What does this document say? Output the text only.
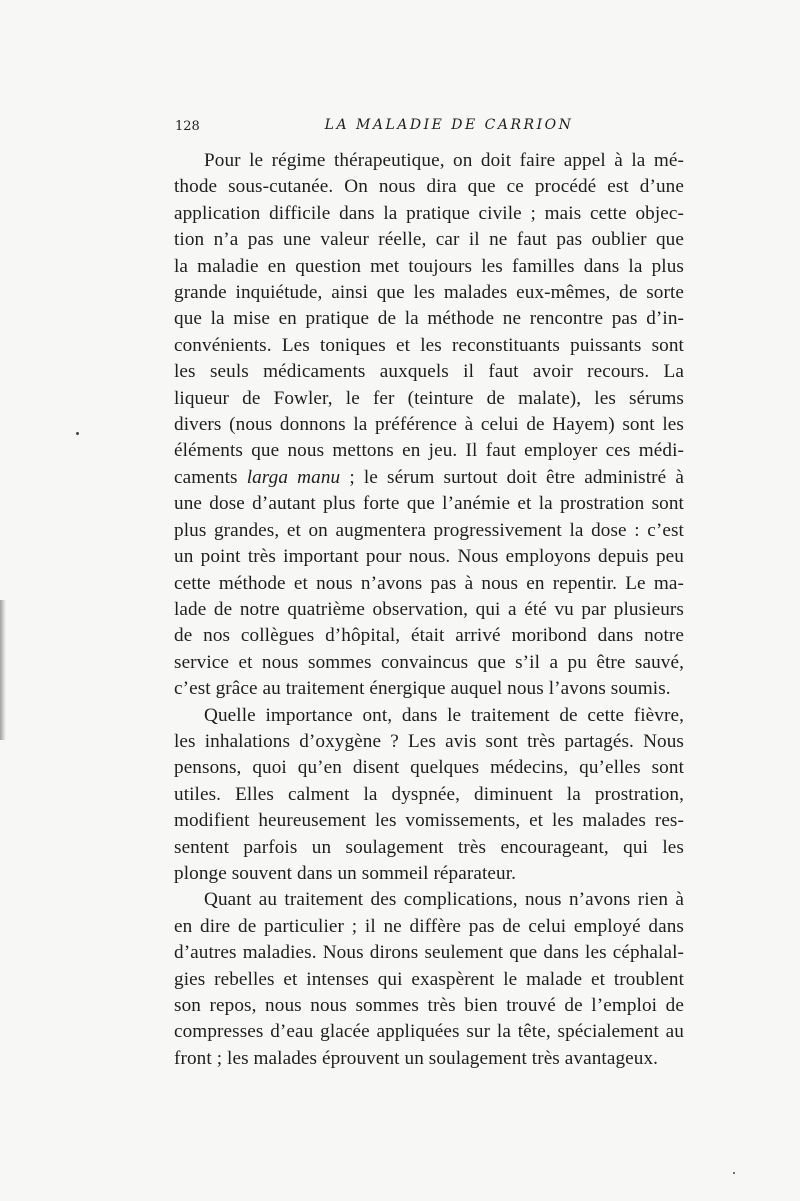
128	LA MALADIE DE CARRION
Pour le régime thérapeutique, on doit faire appel à la mé-
thode sous-cutanée. On nous dira que ce procédé est d’une
application difficile dans la pratique civile ; mais cette objec-
tion n’a pas une valeur réelle, car il ne faut pas oublier que
la maladie en question met toujours les familles dans la plus
grande inquiétude, ainsi que les malades eux-mêmes, de sorte
que la mise en pratique de la méthode ne rencontre pas d’in-
convénients. Les toniques et les reconstituants puissants sont
les seuls médicaments auxquels il faut avoir recours. La
liqueur de Fowler, le fer (teinture de malate), les sérums
divers (nous donnons la préférence à celui de Hayem) sont les
éléments que nous mettons en jeu. Il faut employer ces médi-
caments larga manu ; le sérum surtout doit être administré à
une dose d’autant plus forte que l’anémie et la prostration sont
plus grandes, et on augmentera progressivement la dose : c’est
un point très important pour nous. Nous employons depuis peu
cette méthode et nous n’avons pas à nous en repentir. Le ma-
lade de notre quatrième observation, qui a été vu par plusieurs
de nos collègues d’hôpital, était arrivé moribond dans notre
service et nous sommes convaincus que s’il a pu être sauvé,
c’est grâce au traitement énergique auquel nous l’avons soumis.
Quelle importance ont, dans le traitement de cette fièvre,
les inhalations d’oxygène ? Les avis sont très partagés. Nous
pensons, quoi qu’en disent quelques médecins, qu’elles sont
utiles. Elles calment la dyspnée, diminuent la prostration,
modifient heureusement les vomissements, et les malades res-
sentent parfois un soulagement très encourageant, qui les
plonge souvent dans un sommeil réparateur.
Quant au traitement des complications, nous n’avons rien à
en dire de particulier ; il ne diffère pas de celui employé dans
d’autres maladies. Nous dirons seulement que dans les céphalal-
gies rebelles et intenses qui exaspèrent le malade et troublent
son repos, nous nous sommes très bien trouvé de l’emploi de
compresses d’eau glacée appliquées sur la tête, spécialement au
front ; les malades éprouvent un soulagement très avantageux.
